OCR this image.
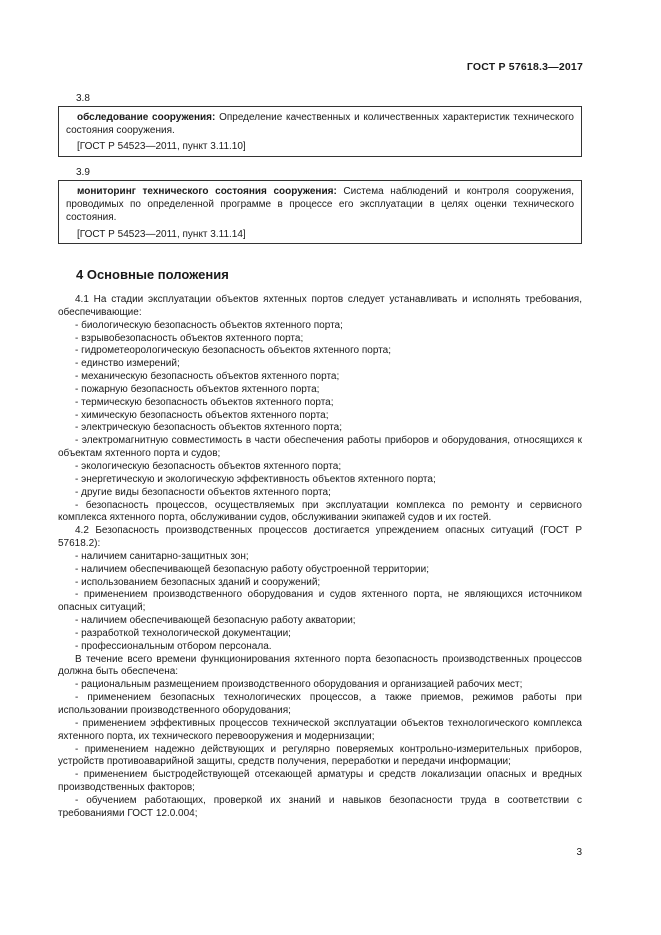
ГОСТ Р 57618.3—2017
3.8

обследование сооружения: Определение качественных и количественных характеристик технического состояния сооружения.

[ГОСТ Р 54523—2011, пункт 3.11.10]
3.9

мониторинг технического состояния сооружения: Система наблюдений и контроля сооружения, проводимых по определенной программе в процессе его эксплуатации в целях оценки технического состояния.

[ГОСТ Р 54523—2011, пункт 3.11.14]
4 Основные положения

4.1 На стадии эксплуатации объектов яхтенных портов следует устанавливать и исполнять требования, обеспечивающие:

- биологическую безопасность объектов яхтенного порта;

- взрывобезопасность объектов яхтенного порта;

- гидрометеорологическую безопасность объектов яхтенного порта;

- единство измерений;

- механическую безопасность объектов яхтенного порта;

- пожарную безопасность объектов яхтенного порта;

- термическую безопасность объектов яхтенного порта;

- химическую безопасность объектов яхтенного порта;

- электрическую безопасность объектов яхтенного порта;

- электромагнитную совместимость в части обеспечения работы приборов и оборудования, относящихся к объектам яхтенного порта и судов;

- экологическую безопасность объектов яхтенного порта;

- энергетическую и экологическую эффективность объектов яхтенного порта;

- другие виды безопасности объектов яхтенного порта;

- безопасность процессов, осуществляемых при эксплуатации комплекса по ремонту и сервисного комплекса яхтенного порта, обслуживании судов, обслуживании экипажей судов и их гостей.

4.2 Безопасность производственных процессов достигается упреждением опасных ситуаций (ГОСТ Р 57618.2):

- наличием санитарно-защитных зон;

- наличием обеспечивающей безопасную работу обустроенной территории;

- использованием безопасных зданий и сооружений;

- применением производственного оборудования и судов яхтенного порта, не являющихся источником опасных ситуаций;

- наличием обеспечивающей безопасную работу акватории;

- разработкой технологической документации;

- профессиональным отбором персонала.

В течение всего времени функционирования яхтенного порта безопасность производственных процессов должна быть обеспечена:

- рациональным размещением производственного оборудования и организацией рабочих мест;

- применением безопасных технологических процессов, а также приемов, режимов работы при использовании производственного оборудования;

- применением эффективных процессов технической эксплуатации объектов технологического комплекса яхтенного порта, их технического перевооружения и модернизации;

- применением надежно действующих и регулярно поверяемых контрольно-измерительных приборов, устройств противоаварийной защиты, средств получения, переработки и передачи информации;

- применением быстродействующей отсекающей арматуры и средств локализации опасных и вредных производственных факторов;

- обучением работающих, проверкой их знаний и навыков безопасности труда в соответствии с требованиями ГОСТ 12.0.004;

3
